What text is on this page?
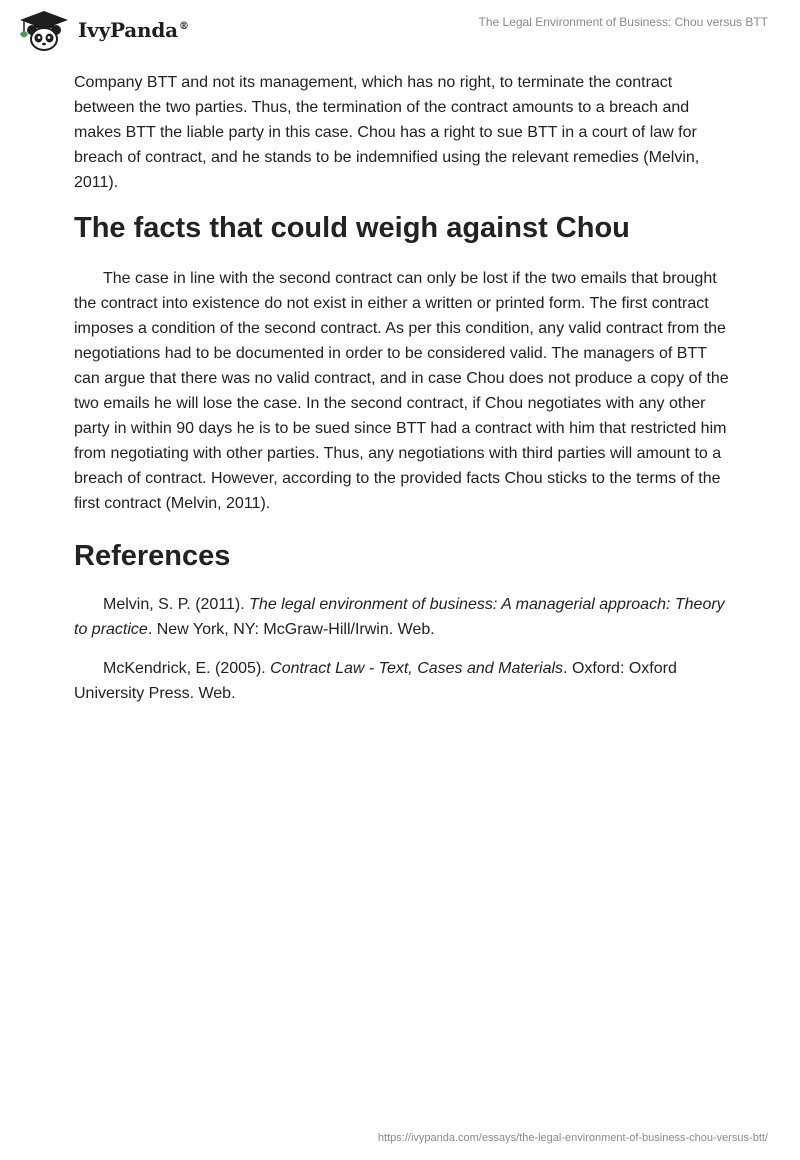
IvyPanda®	The Legal Environment of Business: Chou versus BTT

Company BTT and not its management, which has no right, to terminate the contract between the two parties. Thus, the termination of the contract amounts to a breach and makes BTT the liable party in this case. Chou has a right to sue BTT in a court of law for breach of contract, and he stands to be indemnified using the relevant remedies (Melvin, 2011).

The facts that could weigh against Chou

The case in line with the second contract can only be lost if the two emails that brought the contract into existence do not exist in either a written or printed form. The first contract imposes a condition of the second contract. As per this condition, any valid contract from the negotiations had to be documented in order to be considered valid. The managers of BTT can argue that there was no valid contract, and in case Chou does not produce a copy of the two emails he will lose the case. In the second contract, if Chou negotiates with any other party in within 90 days he is to be sued since BTT had a contract with him that restricted him from negotiating with other parties. Thus, any negotiations with third parties will amount to a breach of contract. However, according to the provided facts Chou sticks to the terms of the first contract (Melvin, 2011).

References

Melvin, S. P. (2011). The legal environment of business: A managerial approach: Theory to practice. New York, NY: McGraw-Hill/Irwin. Web.

McKendrick, E. (2005). Contract Law - Text, Cases and Materials. Oxford: Oxford University Press. Web.

https://ivypanda.com/essays/the-legal-environment-of-business-chou-versus-btt/
